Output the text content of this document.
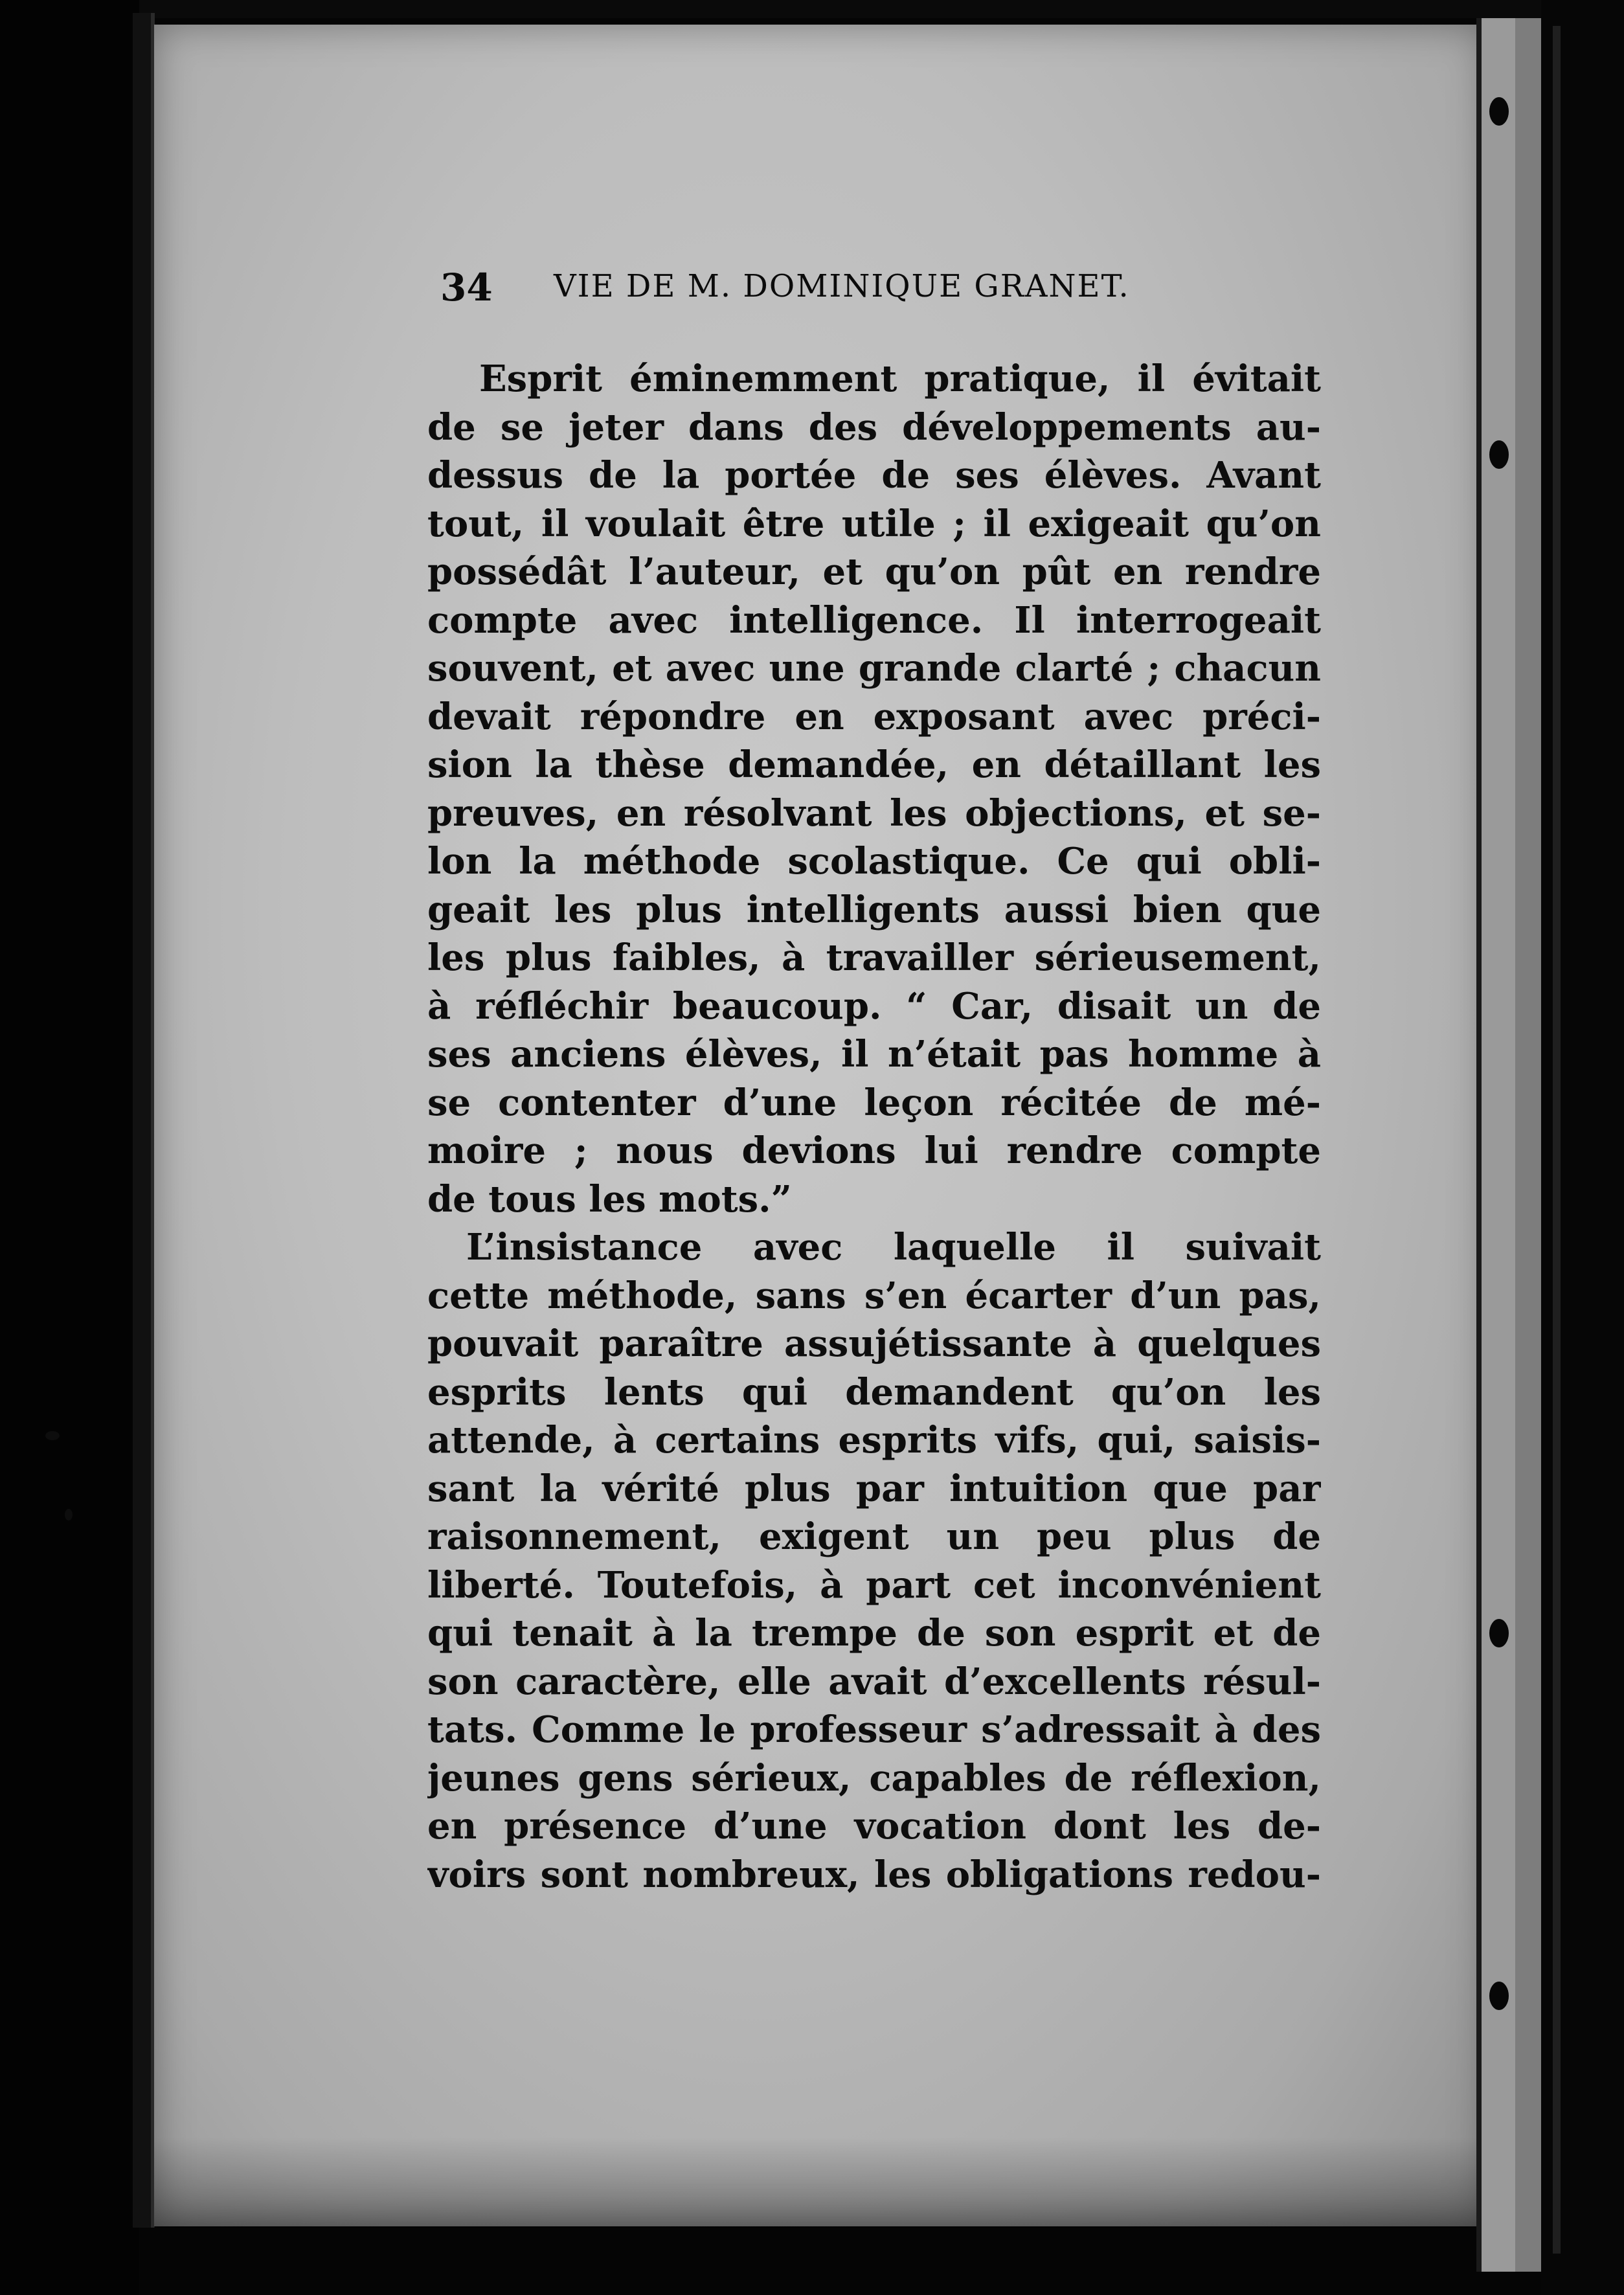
34 VIE DE M. DOMINIQUE GRANET.
Esprit éminemment pratique, il évitait
de se jeter dans des développements au-
dessus de la portée de ses élèves. Avant
tout, il voulait être utile ; il exigeait qu’on
possédât l’auteur, et qu’on pût en rendre
compte avec intelligence. Il interrogeait
souvent, et avec une grande clarté ; chacun
devait répondre en exposant avec préci-
sion la thèse demandée, en détaillant les
preuves, en résolvant les objections, et se-
lon la méthode scolastique. Ce qui obli-
geait les plus intelligents aussi bien que
les plus faibles, à travailler sérieusement,
à réfléchir beaucoup. “ Car, disait un de
ses anciens élèves, il n’était pas homme à
se contenter d’une leçon récitée de mé-
moire ; nous devions lui rendre compte
de tous les mots.”
L’insistance avec laquelle il suivait
cette méthode, sans s’en écarter d’un pas,
pouvait paraître assujétissante à quelques
esprits lents qui demandent qu’on les
attende, à certains esprits vifs, qui, saisis-
sant la vérité plus par intuition que par
raisonnement, exigent un peu plus de
liberté. Toutefois, à part cet inconvénient
qui tenait à la trempe de son esprit et de
son caractère, elle avait d’excellents résul-
tats. Comme le professeur s’adressait à des
jeunes gens sérieux, capables de réflexion,
en présence d’une vocation dont les de-
voirs sont nombreux, les obligations redou-
